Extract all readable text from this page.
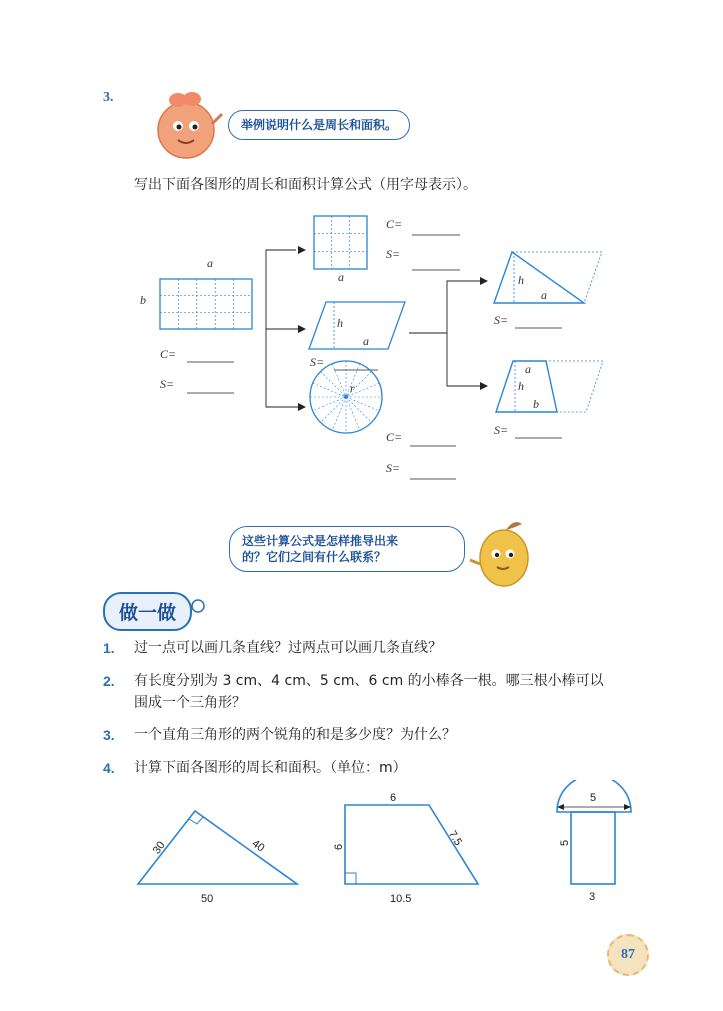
3.
举例说明什么是周长和面积。
写出下面各图形的周长和面积计算公式（用字母表示）。
a
b
C=
S=
a
C=
S=
h
a
S=
r
C=
S=
h
a
S=
a
h
b
S=
这些计算公式是怎样推导出来
的？它们之间有什么联系？
做一做
1. 过一点可以画几条直线？过两点可以画几条直线？
2. 有长度分别为 3 cm、4 cm、5 cm、6 cm 的小棒各一根。哪三根小棒可以
围成一个三角形？
3. 一个直角三角形的两个锐角的和是多少度？为什么？
4. 计算下面各图形的周长和面积。（单位：m）
30	40
50
6
6	7.5
10.5
5
5
3
87
